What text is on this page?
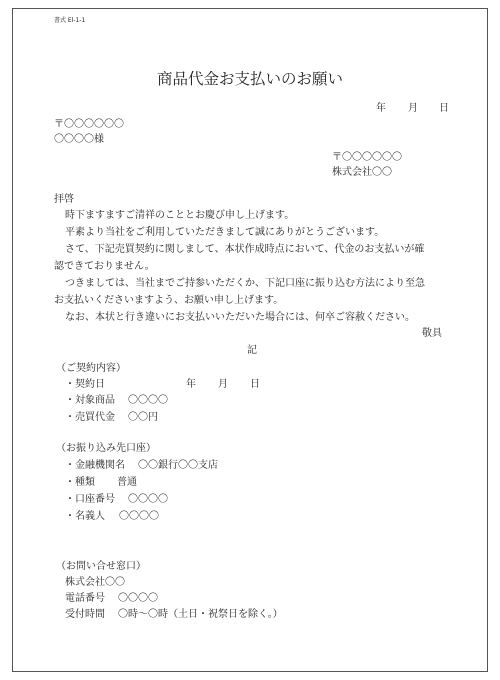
書式 El-1-1
商品代金お支払いのお願い
年 月 日
〒〇〇〇〇〇〇
〇〇〇〇様
〒〇〇〇〇〇〇
株式会社〇〇
拝啓
時下ますますご清祥のこととお慶び申し上げます。
平素より当社をご利用していただきまして誠にありがとうございます。
さて、下記売買契約に関しまして、本状作成時点において、代金のお支払いが確
認できておりません。
つきましては、当社までご持参いただくか、下記口座に振り込む方法により至急
お支払いくださいますよう、お願い申し上げます。
なお、本状と行き違いにお支払いいただいた場合には、何卒ご容赦ください。
敬具
記
（ご契約内容）
・契約日	年 月 日
・対象商品 〇〇〇〇
・売買代金 〇〇円
（お振り込み先口座）
・金融機関名 〇〇銀行〇〇支店
・種類 普通
・口座番号 〇〇〇〇
・名義人 〇〇〇〇
（お問い合せ窓口）
株式会社〇〇
電話番号 〇〇〇〇
受付時間 〇時～〇時（土日・祝祭日を除く。）
